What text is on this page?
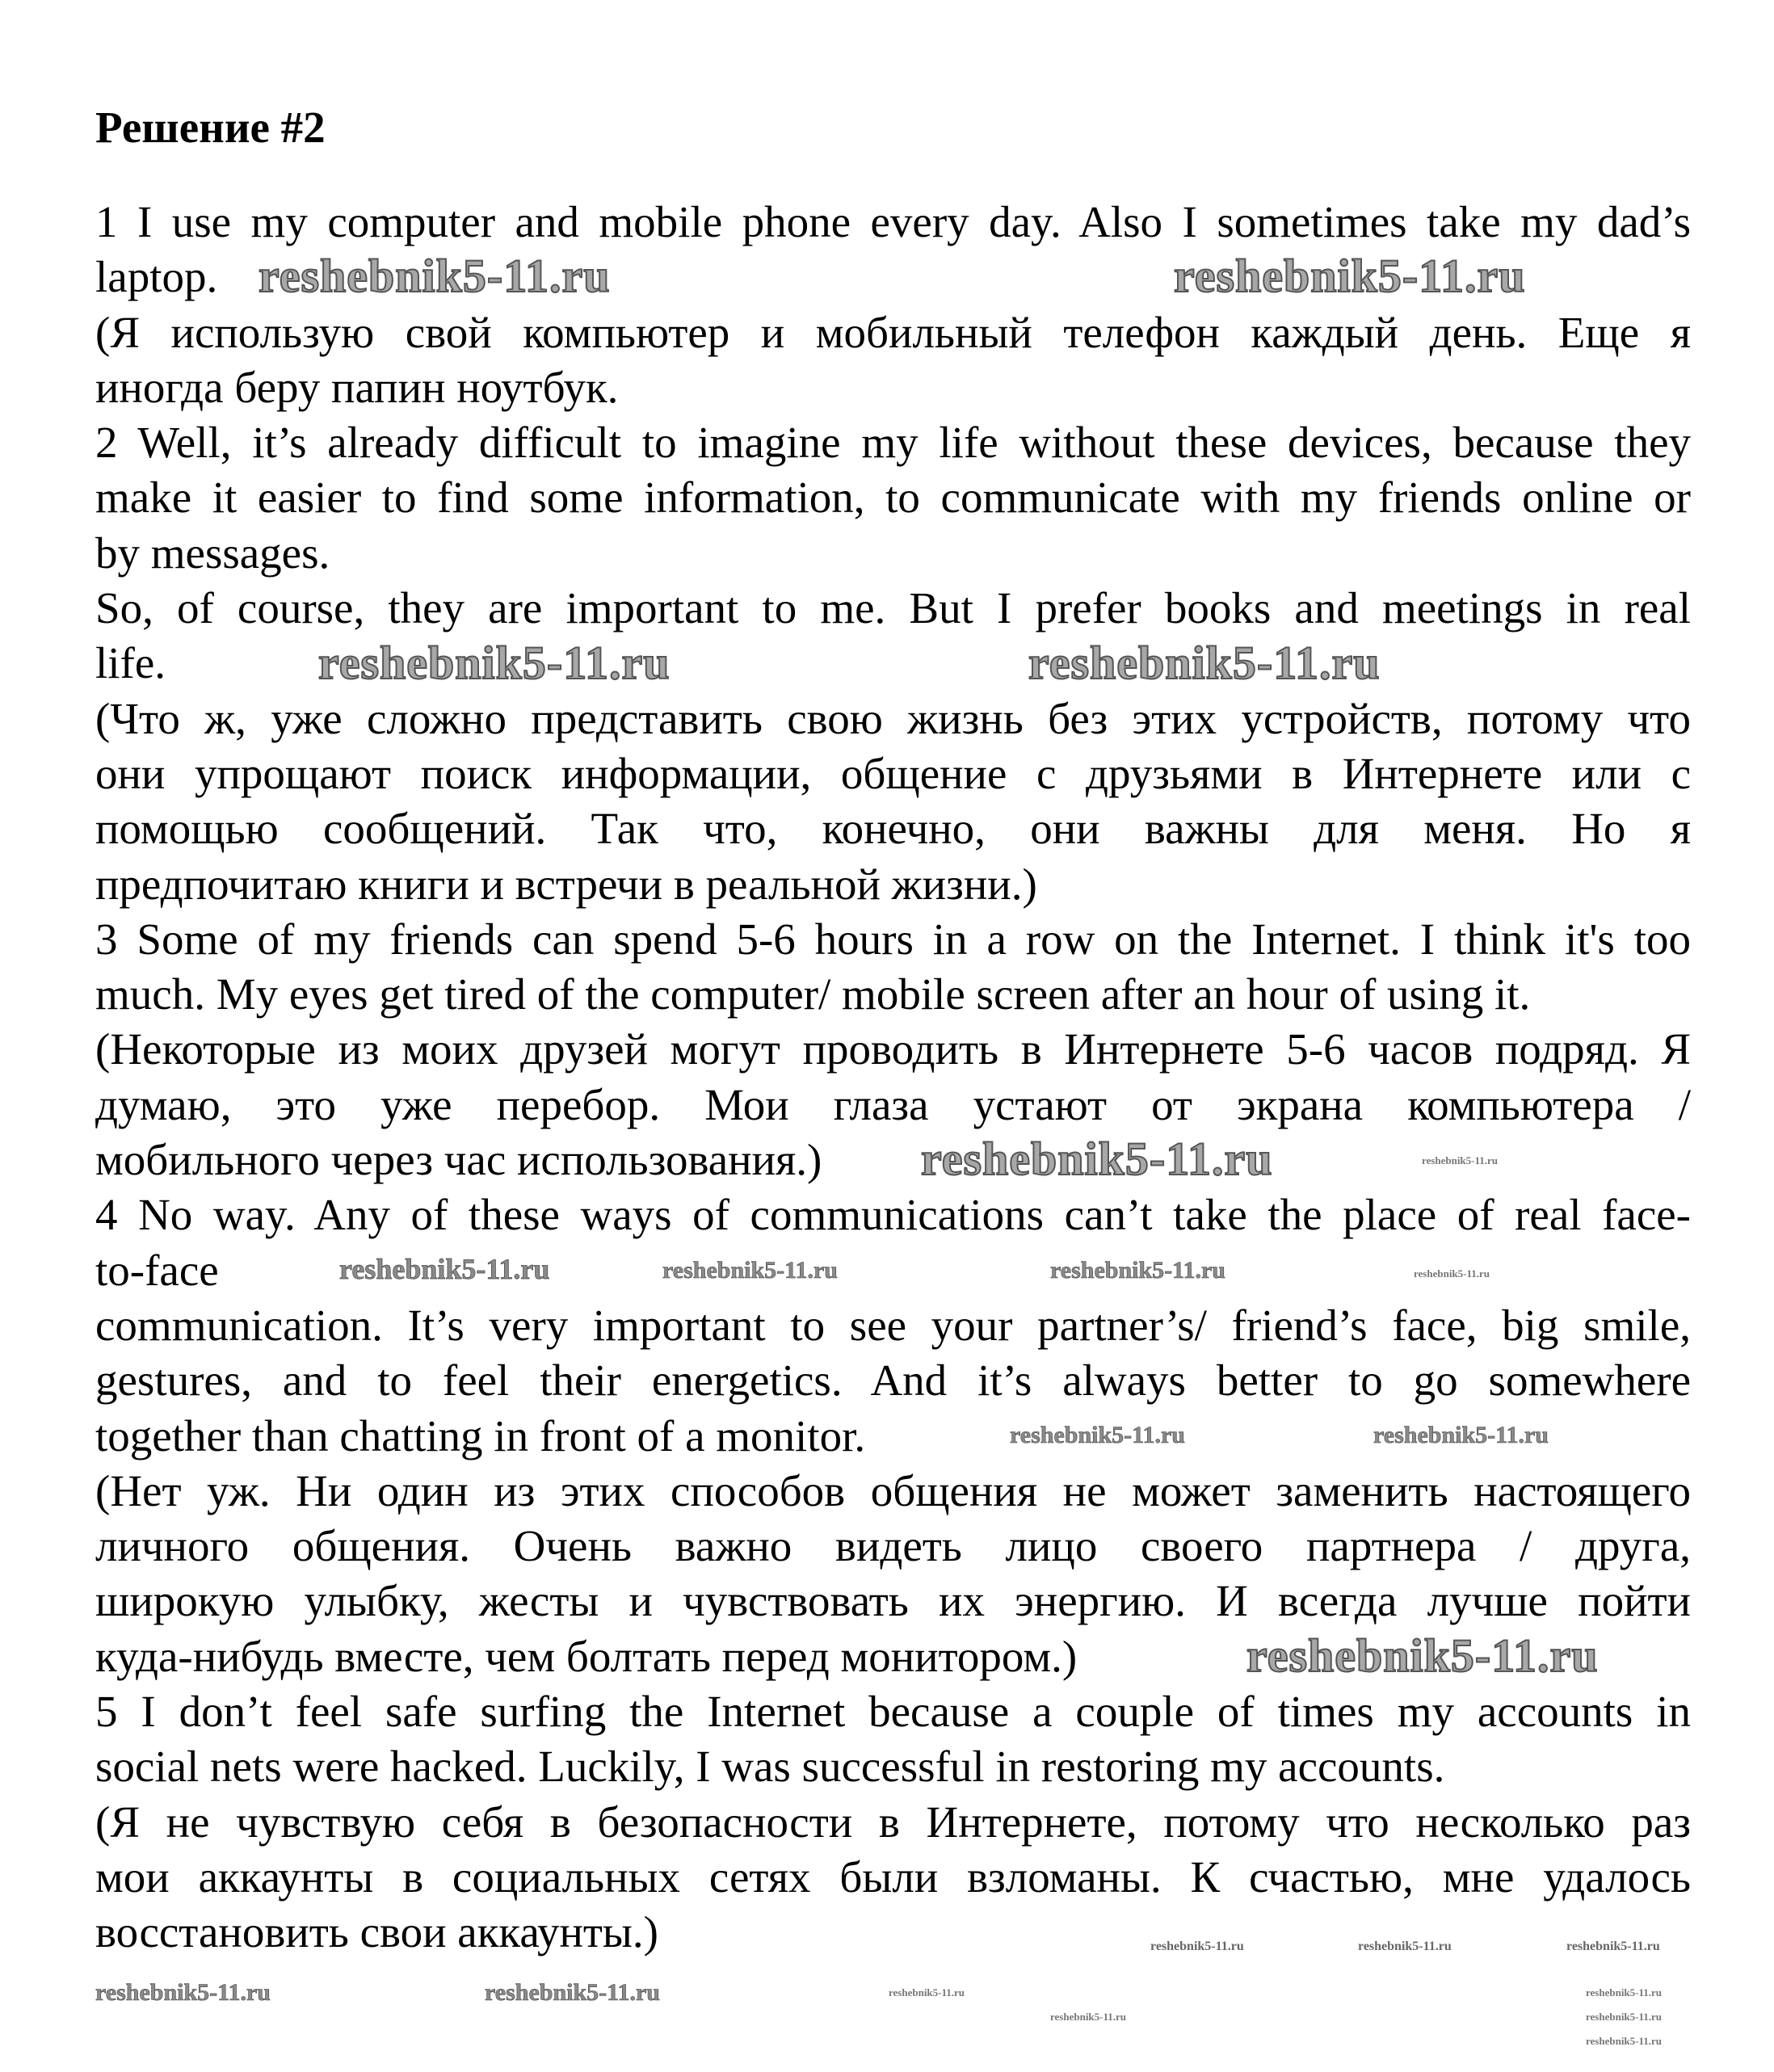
Решение #2
1 I use my computer and mobile phone every day. Also I sometimes take my dad’s
laptop.
(Я использую свой компьютер и мобильный телефон каждый день. Еще я
иногда беру папин ноутбук.
2 Well, it’s already difficult to imagine my life without these devices, because they
make it easier to find some information, to communicate with my friends online or
by messages.
So, of course, they are important to me. But I prefer books and meetings in real
life.
(Что ж, уже сложно представить свою жизнь без этих устройств, потому что
они упрощают поиск информации, общение с друзьями в Интернете или с
помощью сообщений. Так что, конечно, они важны для меня. Но я
предпочитаю книги и встречи в реальной жизни.)
3 Some of my friends can spend 5-6 hours in a row on the Internet. I think it's too
much. My eyes get tired of the computer/ mobile screen after an hour of using it.
(Некоторые из моих друзей могут проводить в Интернете 5-6 часов подряд. Я
думаю, это уже перебор. Мои глаза устают от экрана компьютера /
мобильного через час использования.)
4 No way. Any of these ways of communications can’t take the place of real face-
to-face
communication. It’s very important to see your partner’s/ friend’s face, big smile,
gestures, and to feel their energetics. And it’s always better to go somewhere
together than chatting in front of a monitor.
(Нет уж. Ни один из этих способов общения не может заменить настоящего
личного общения. Очень важно видеть лицо своего партнера / друга,
широкую улыбку, жесты и чувствовать их энергию. И всегда лучше пойти
куда-нибудь вместе, чем болтать перед монитором.)
5 I don’t feel safe surfing the Internet because a couple of times my accounts in
social nets were hacked. Luckily, I was successful in restoring my accounts.
(Я не чувствую себя в безопасности в Интернете, потому что несколько раз
мои аккаунты в социальных сетях были взломаны. К счастью, мне удалось
восстановить свои аккаунты.)
reshebnik5-11.ru	reshebnik5-11.ru
reshebnik5-11.ru	reshebnik5-11.ru
reshebnik5-11.ru
reshebnik5-11.ru
reshebnik5-11.ru
reshebnik5-11.ru
reshebnik5-11.ru
reshebnik5-11.ru	reshebnik5-11.ru
reshebnik5-11.ru	reshebnik5-11.ru	reshebnik5-11.ru
reshebnik5-11.ru
reshebnik5-11.ru
reshebnik5-11.ru
reshebnik5-11.ru
reshebnik5-11.ru
reshebnik5-11.ru
reshebnik5-11.ru	reshebnik5-11.ru	reshebnik5-11.ru
